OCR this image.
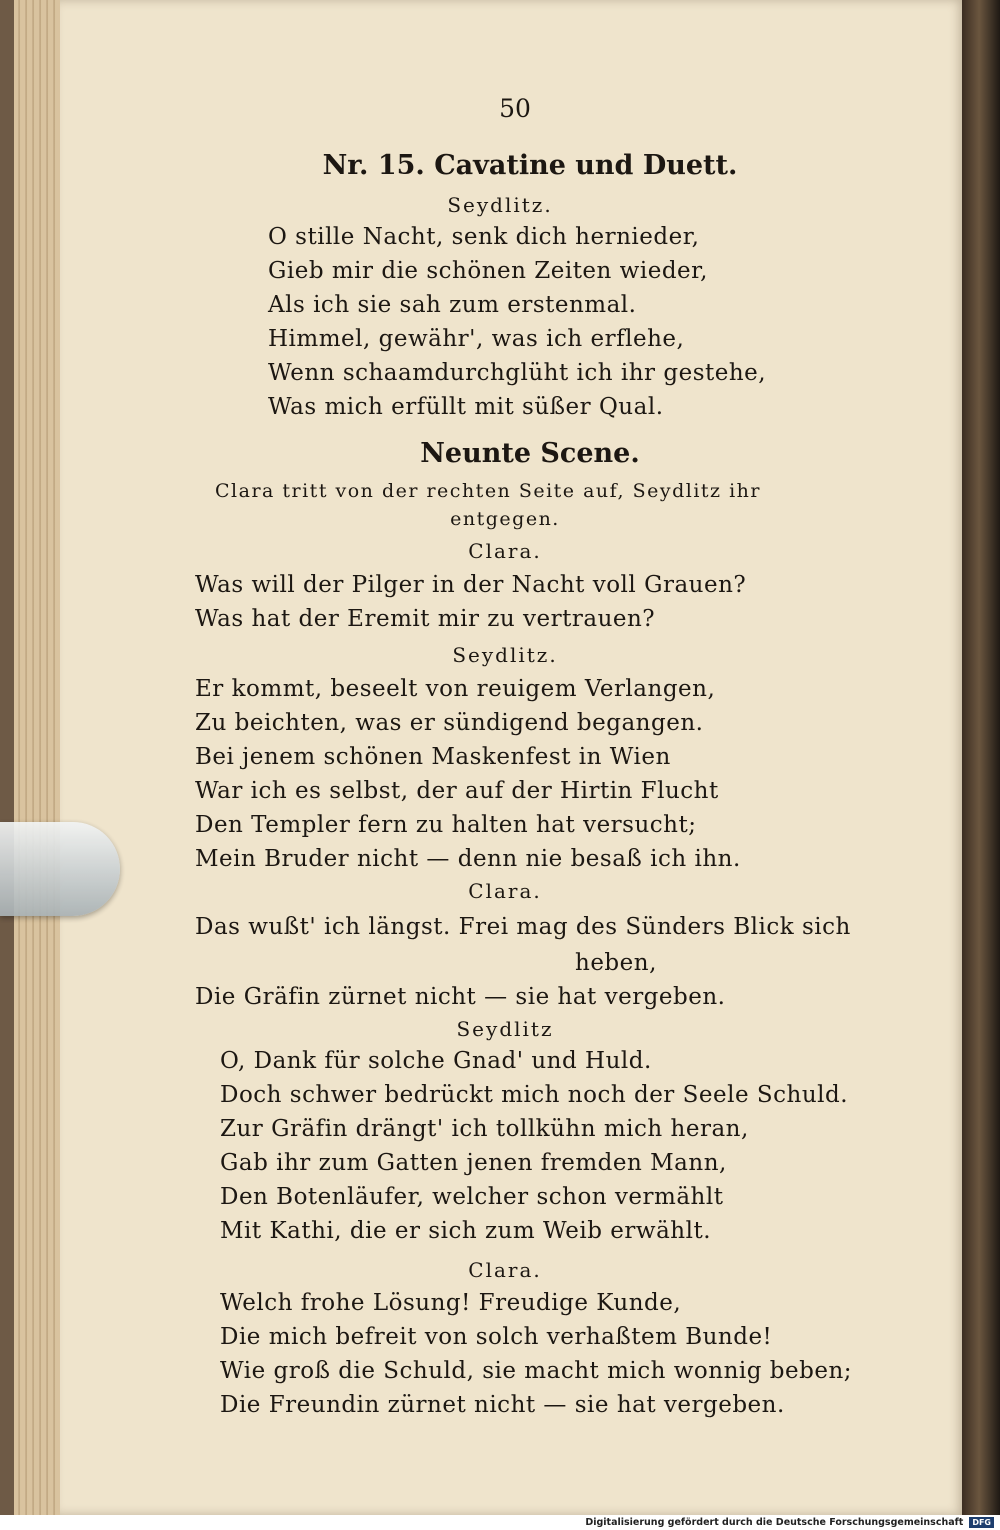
50
Nr. 15. Cavatine und Duett.
Seydlitz.
O stille Nacht, senk dich hernieder,
Gieb mir die schönen Zeiten wieder,
Als ich sie sah zum erstenmal.
Himmel, gewähr', was ich erflehe,
Wenn schaamdurchglüht ich ihr gestehe,
Was mich erfüllt mit süßer Qual.
Neunte Scene.
Clara tritt von der rechten Seite auf, Seydlitz ihr
entgegen.
Clara.
Was will der Pilger in der Nacht voll Grauen?
Was hat der Eremit mir zu vertrauen?
Seydlitz.
Er kommt, beseelt von reuigem Verlangen,
Zu beichten, was er sündigend begangen.
Bei jenem schönen Maskenfest in Wien
War ich es selbst, der auf der Hirtin Flucht
Den Templer fern zu halten hat versucht;
Mein Bruder nicht — denn nie besaß ich ihn.
Clara.
Das wußt' ich längst. Frei mag des Sünders Blick sich
heben,
Die Gräfin zürnet nicht — sie hat vergeben.
Seydlitz
O, Dank für solche Gnad' und Huld.
Doch schwer bedrückt mich noch der Seele Schuld.
Zur Gräfin drängt' ich tollkühn mich heran,
Gab ihr zum Gatten jenen fremden Mann,
Den Botenläufer, welcher schon vermählt
Mit Kathi, die er sich zum Weib erwählt.
Clara.
Welch frohe Lösung! Freudige Kunde,
Die mich befreit von solch verhaßtem Bunde!
Wie groß die Schuld, sie macht mich wonnig beben;
Die Freundin zürnet nicht — sie hat vergeben.
Digitalisierung gefördert durch die Deutsche Forschungsgemeinschaft	DFG
